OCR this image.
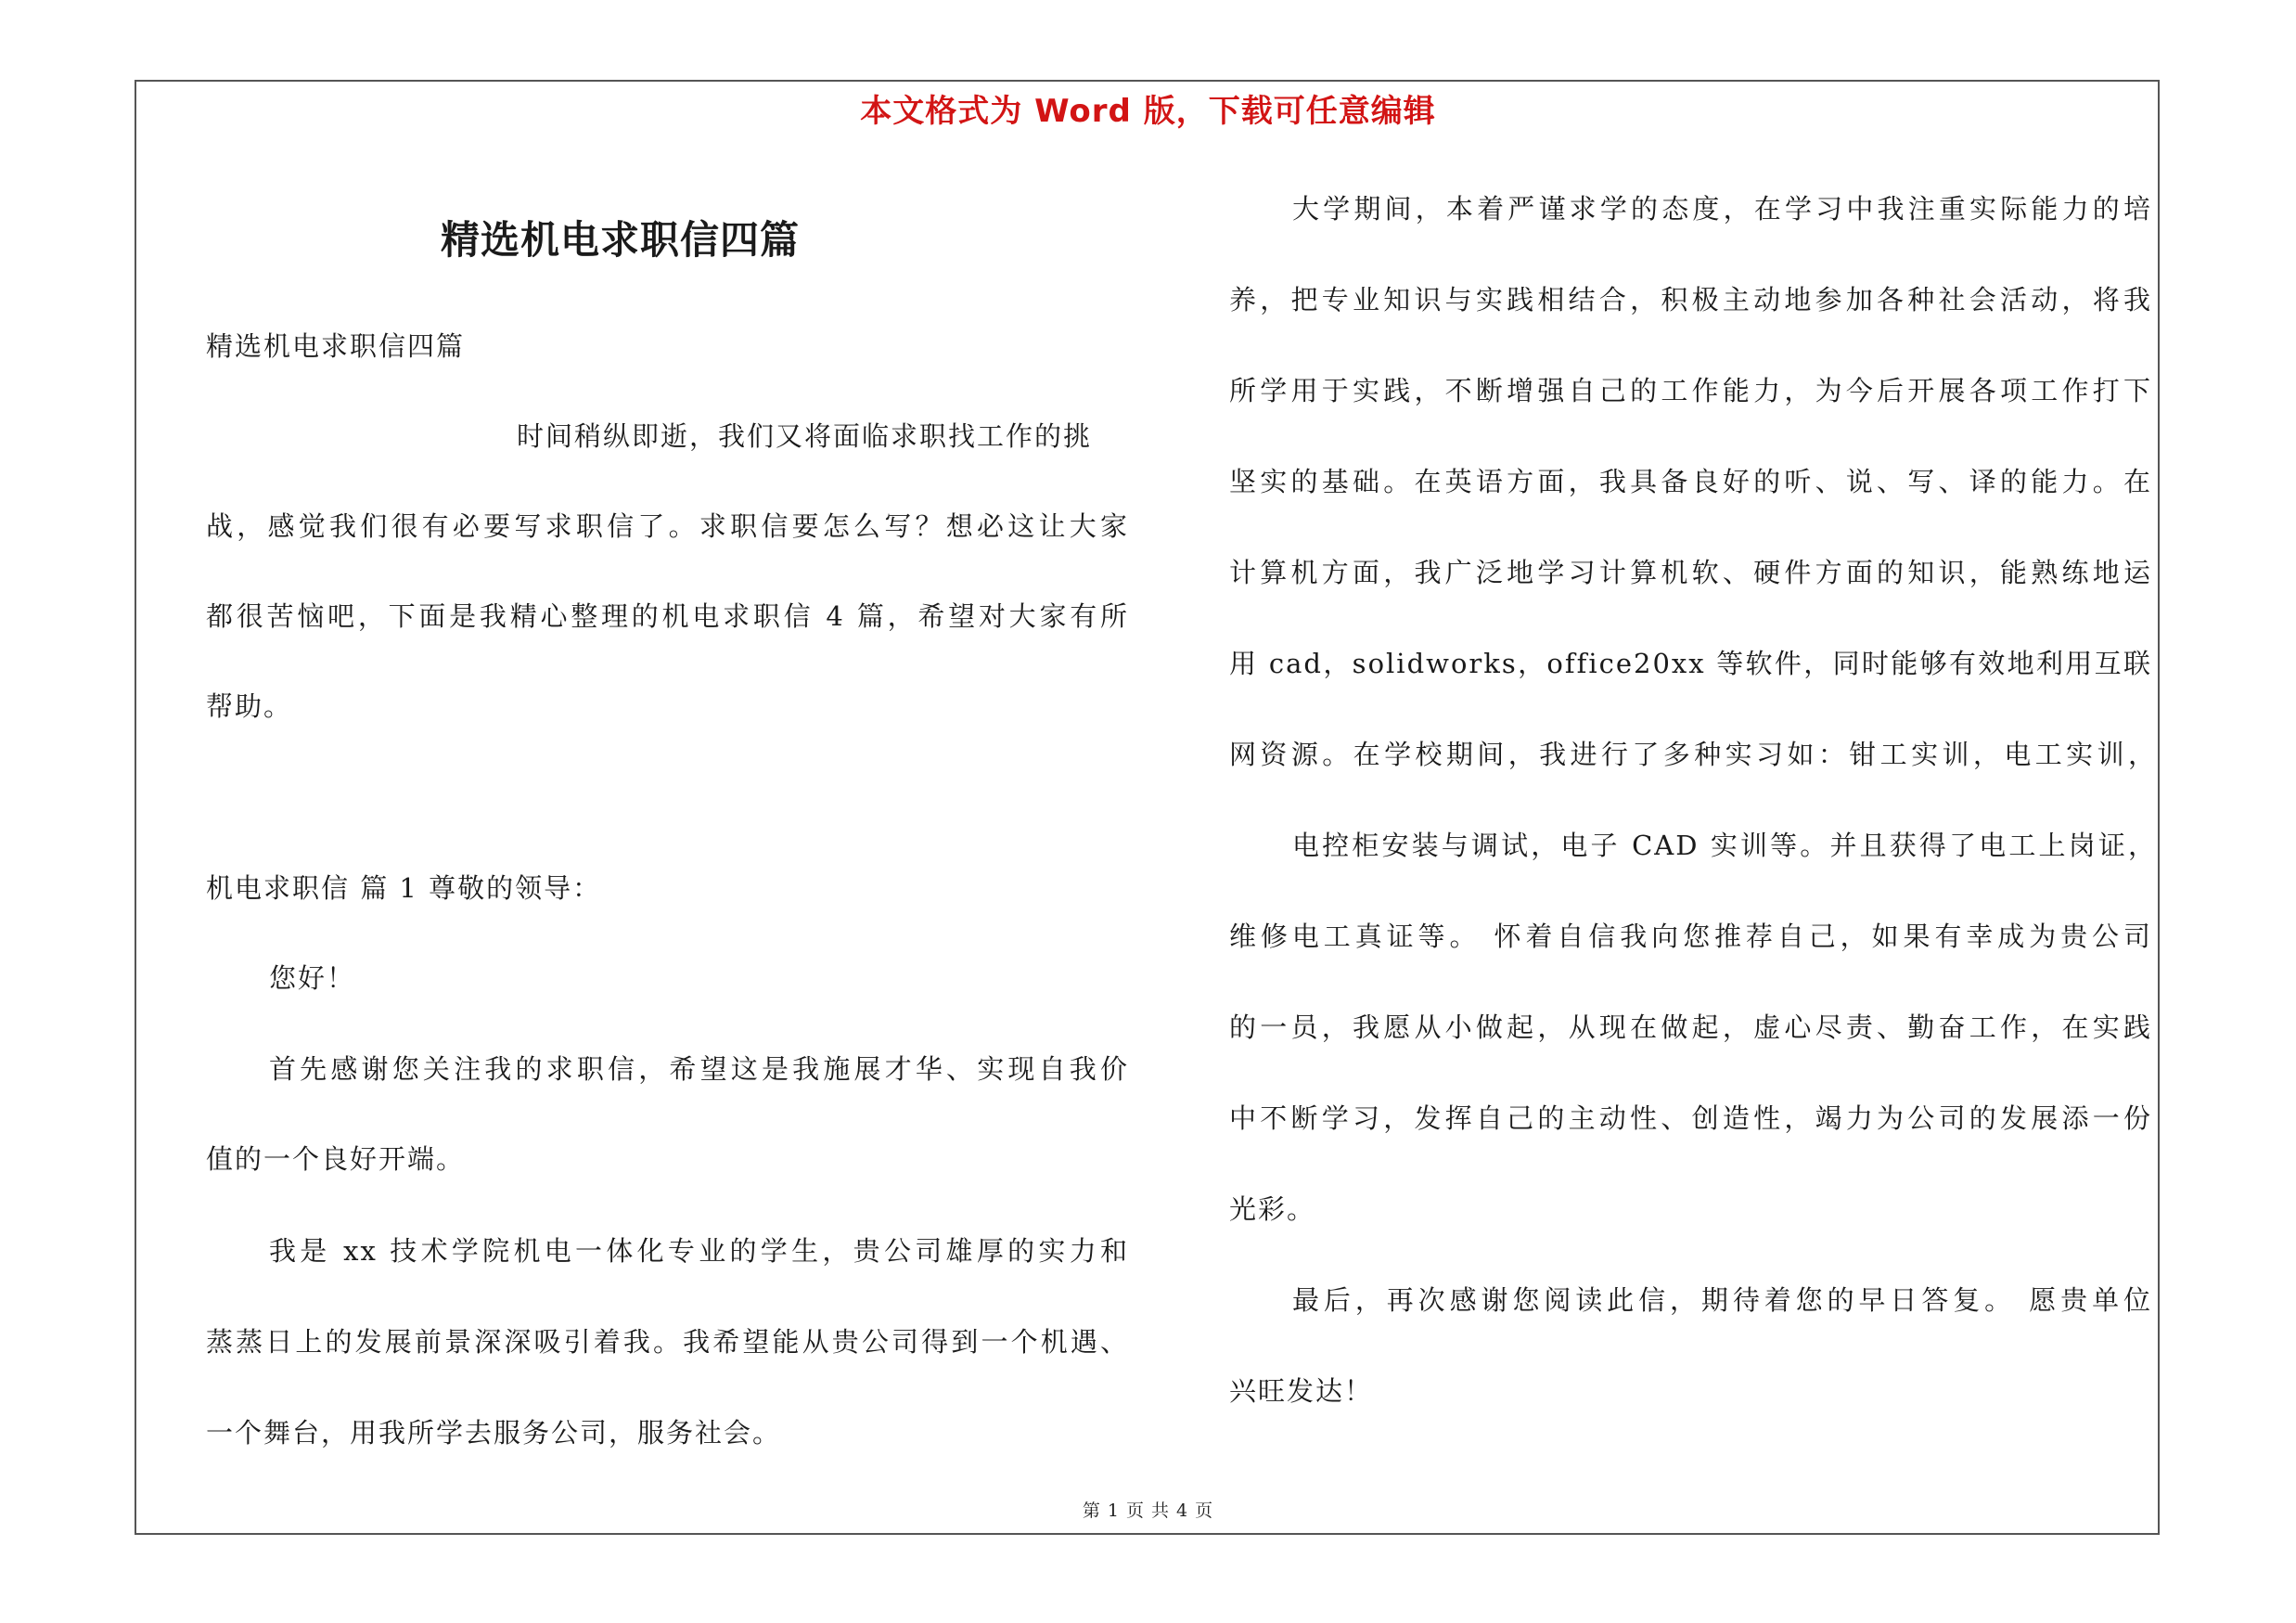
本文格式为 Word 版，下载可任意编辑
精选机电求职信四篇
精选机电求职信四篇
时间稍纵即逝，我们又将面临求职找工作的挑
战，感觉我们很有必要写求职信了。求职信要怎么写？想必这让大家
都很苦恼吧，下面是我精心整理的机电求职信 4 篇，希望对大家有所
帮助。
机电求职信 篇 1 尊敬的领导：
您好！
首先感谢您关注我的求职信，希望这是我施展才华、实现自我价
值的一个良好开端。
我是 xx 技术学院机电一体化专业的学生，贵公司雄厚的实力和
蒸蒸日上的发展前景深深吸引着我。我希望能从贵公司得到一个机遇、
一个舞台，用我所学去服务公司，服务社会。
大学期间，本着严谨求学的态度，在学习中我注重实际能力的培
养，把专业知识与实践相结合，积极主动地参加各种社会活动，将我
所学用于实践，不断增强自己的工作能力，为今后开展各项工作打下
坚实的基础。在英语方面，我具备良好的听、说、写、译的能力。在
计算机方面，我广泛地学习计算机软、硬件方面的知识，能熟练地运
用 cad，solidworks，office20xx 等软件，同时能够有效地利用互联
网资源。在学校期间，我进行了多种实习如：钳工实训，电工实训，
电控柜安装与调试，电子 CAD 实训等。并且获得了电工上岗证，
维修电工真证等。 怀着自信我向您推荐自己，如果有幸成为贵公司
的一员，我愿从小做起，从现在做起，虚心尽责、勤奋工作，在实践
中不断学习，发挥自己的主动性、创造性，竭力为公司的发展添一份
光彩。
最后，再次感谢您阅读此信，期待着您的早日答复。 愿贵单位
兴旺发达！
第 1 页 共 4 页
